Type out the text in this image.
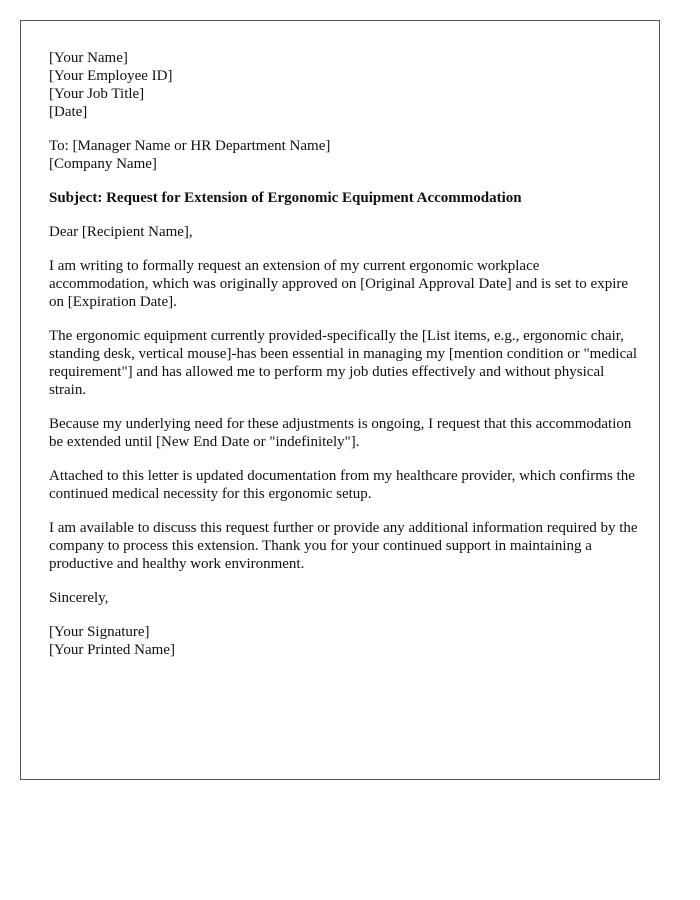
[Your Name]
[Your Employee ID]
[Your Job Title]
[Date]
To: [Manager Name or HR Department Name]
[Company Name]
Subject: Request for Extension of Ergonomic Equipment Accommodation
Dear [Recipient Name],

I am writing to formally request an extension of my current ergonomic workplace accommodation, which was originally approved on [Original Approval Date] and is set to expire on [Expiration Date].

The ergonomic equipment currently provided-specifically the [List items, e.g., ergonomic chair, standing desk, vertical mouse]-has been essential in managing my [mention condition or "medical requirement"] and has allowed me to perform my job duties effectively and without physical strain.

Because my underlying need for these adjustments is ongoing, I request that this accommodation be extended until [New End Date or "indefinitely"].

Attached to this letter is updated documentation from my healthcare provider, which confirms the continued medical necessity for this ergonomic setup.

I am available to discuss this request further or provide any additional information required by the company to process this extension. Thank you for your continued support in maintaining a productive and healthy work environment.

Sincerely,
[Your Signature]
[Your Printed Name]
